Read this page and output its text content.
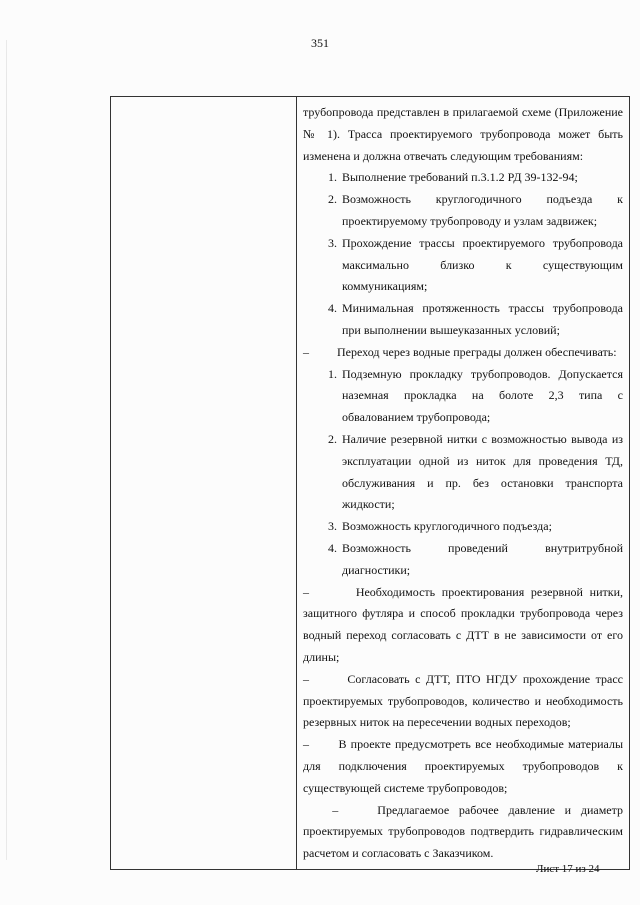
351
трубопровода представлен в прилагаемой схеме (Приложение № 1). Трасса проектируемого трубопровода может быть изменена и должна отвечать следующим требованиям:
1. Выполнение требований п.3.1.2 РД 39-132-94;
2. Возможность круглогодичного подъезда к проектируемому трубопроводу и узлам задвижек;
3. Прохождение трассы проектируемого трубопровода максимально близко к существующим коммуникациям;
4. Минимальная протяженность трассы трубопровода при выполнении вышеуказанных условий;
–	Переход через водные преграды должен обеспечивать:
1. Подземную прокладку трубопроводов. Допускается наземная прокладка на болоте 2,3 типа с обвалованием трубопровода;
2. Наличие резервной нитки с возможностью вывода из эксплуатации одной из ниток для проведения ТД, обслуживания и пр. без остановки транспорта жидкости;
3. Возможность круглогодичного подъезда;
4. Возможность проведений внутритрубной диагностики;
–       Необходимость проектирования резервной нитки, защитного футляра и способ прокладки трубопровода через водный переход согласовать с ДТТ в не зависимости от его длины;
–       Согласовать с ДТТ, ПТО НГДУ прохождение трасс проектируемых трубопроводов, количество и необходимость резервных ниток на пересечении водных переходов;
–       В проекте предусмотреть все необходимые материалы для подключения проектируемых трубопроводов к существующей системе трубопроводов;
–    Предлагаемое рабочее давление и диаметр проектируемых трубопроводов подтвердить гидравлическим расчетом и согласовать с Заказчиком.
Лист 17 из 24
